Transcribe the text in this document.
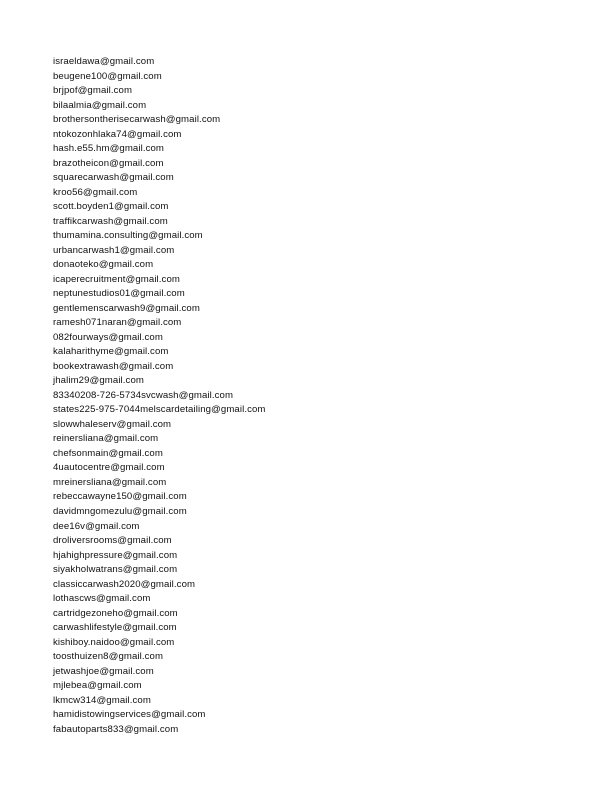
israeldawa@gmail.com
beugene100@gmail.com
brjpof@gmail.com
bilaalmia@gmail.com
brothersontherisecarwash@gmail.com
ntokozonhlaka74@gmail.com
hash.e55.hm@gmail.com
brazotheicon@gmail.com
squarecarwash@gmail.com
kroo56@gmail.com
scott.boyden1@gmail.com
traffikcarwash@gmail.com
thumamina.consulting@gmail.com
urbancarwash1@gmail.com
donaoteko@gmail.com
icaperecruitment@gmail.com
neptunestudios01@gmail.com
gentlemenscarwash9@gmail.com
ramesh071naran@gmail.com
082fourways@gmail.com
kalaharithyme@gmail.com
bookextrawash@gmail.com
jhalim29@gmail.com
83340208-726-5734svcwash@gmail.com
states225-975-7044melscardetailing@gmail.com
slowwhaleserv@gmail.com
reinersliana@gmail.com
chefsonmain@gmail.com
4uautocentre@gmail.com
mreinersliana@gmail.com
rebeccawayne150@gmail.com
davidmngomezulu@gmail.com
dee16v@gmail.com
droliversrooms@gmail.com
hjahighpressure@gmail.com
siyakholwatrans@gmail.com
classiccarwash2020@gmail.com
lothascws@gmail.com
cartridgezoneho@gmail.com
carwashlifestyle@gmail.com
kishiboy.naidoo@gmail.com
toosthuizen8@gmail.com
jetwashjoe@gmail.com
mjlebea@gmail.com
lkmcw314@gmail.com
hamidistowingservices@gmail.com
fabautoparts833@gmail.com
